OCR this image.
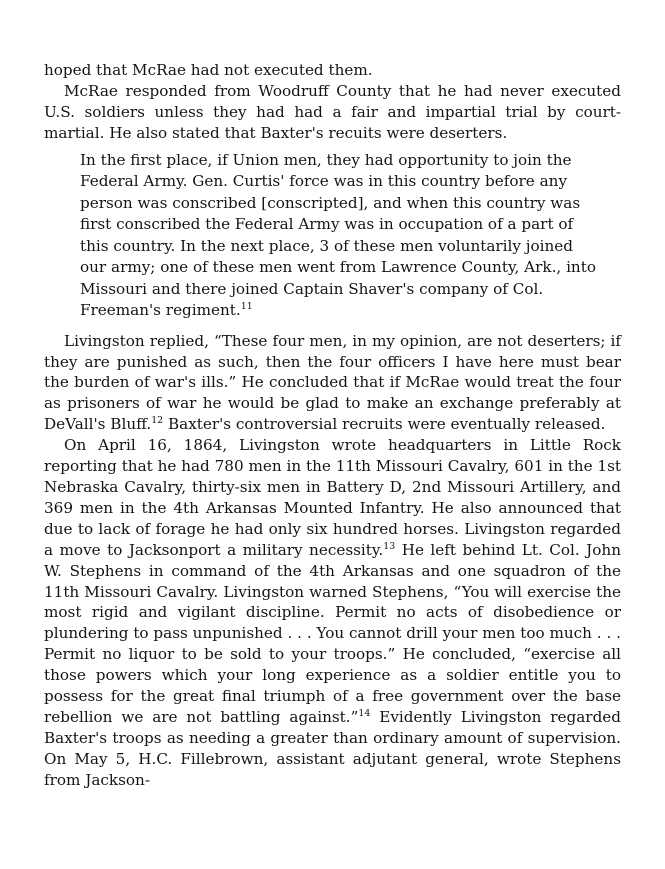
hoped that McRae had not executed them.

McRae responded from Woodruff County that he had never executed U.S. soldiers unless they had had a fair and impartial trial by court-martial. He also stated that Baxter's recuits were deserters.

In the first place, if Union men, they had opportunity to join the Federal Army. Gen. Curtis' force was in this country before any person was conscribed [conscripted], and when this country was first conscribed the Federal Army was in occupation of a part of this country. In the next place, 3 of these men voluntarily joined our army; one of these men went from Lawrence County, Ark., into Missouri and there joined Captain Shaver's company of Col. Freeman's regiment.$^{11}$

Livingston replied, “These four men, in my opinion, are not deserters; if they are punished as such, then the four officers I have here must bear the burden of war's ills.” He concluded that if McRae would treat the four as prisoners of war he would be glad to make an exchange preferably at DeVall's Bluff.$^{12}$ Baxter's controversial recruits were eventually released.

On April 16, 1864, Livingston wrote headquarters in Little Rock reporting that he had 780 men in the 11th Missouri Cavalry, 601 in the 1st Nebraska Cavalry, thirty-six men in Battery D, 2nd Missouri Artillery, and 369 men in the 4th Arkansas Mounted Infantry. He also announced that due to lack of forage he had only six hundred horses. Livingston regarded a move to Jacksonport a military necessity.$^{13}$ He left behind Lt. Col. John W. Stephens in command of the 4th Arkansas and one squadron of the 11th Missouri Cavalry. Livingston warned Stephens, “You will exercise the most rigid and vigilant discipline. Permit no acts of disobedience or plundering to pass unpunished . . . You cannot drill your men too much . . . Permit no liquor to be sold to your troops.” He concluded, “exercise all those powers which your long experience as a soldier entitle you to possess for the great final triumph of a free government over the base rebellion we are not battling against.”$^{14}$ Evidently Livingston regarded Baxter's troops as needing a greater than ordinary amount of supervision. On May 5, H.C. Fillebrown, assistant adjutant general, wrote Stephens from Jackson-
